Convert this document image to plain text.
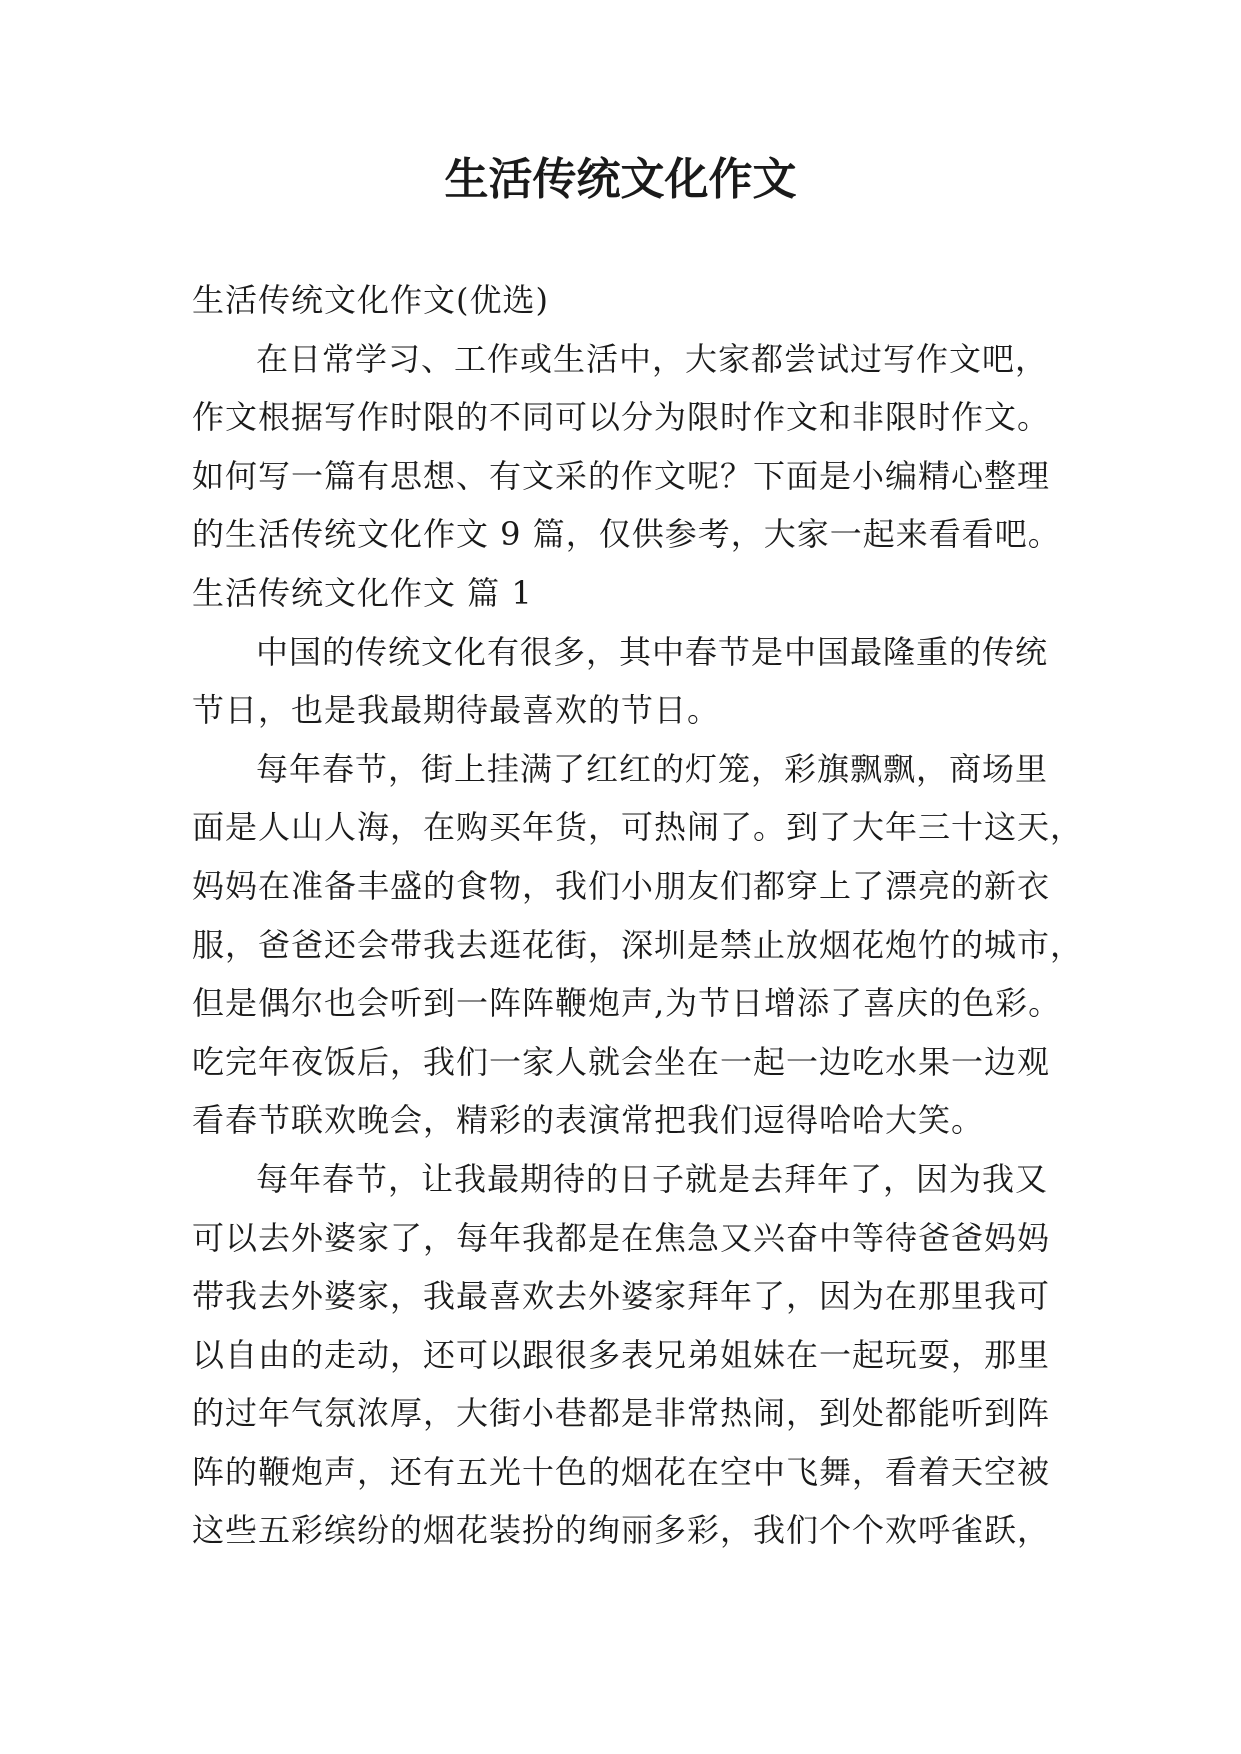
生活传统文化作文
生活传统文化作文(优选)
在日常学习、工作或生活中，大家都尝试过写作文吧，
作文根据写作时限的不同可以分为限时作文和非限时作文。
如何写一篇有思想、有文采的作文呢？下面是小编精心整理
的生活传统文化作文 9 篇，仅供参考，大家一起来看看吧。
生活传统文化作文 篇 1
中国的传统文化有很多，其中春节是中国最隆重的传统
节日，也是我最期待最喜欢的节日。
每年春节，街上挂满了红红的灯笼，彩旗飘飘，商场里
面是人山人海，在购买年货，可热闹了。到了大年三十这天，
妈妈在准备丰盛的食物，我们小朋友们都穿上了漂亮的新衣
服，爸爸还会带我去逛花街，深圳是禁止放烟花炮竹的城市，
但是偶尔也会听到一阵阵鞭炮声,为节日增添了喜庆的色彩。
吃完年夜饭后，我们一家人就会坐在一起一边吃水果一边观
看春节联欢晚会，精彩的表演常把我们逗得哈哈大笑。
每年春节，让我最期待的日子就是去拜年了，因为我又
可以去外婆家了，每年我都是在焦急又兴奋中等待爸爸妈妈
带我去外婆家，我最喜欢去外婆家拜年了，因为在那里我可
以自由的走动，还可以跟很多表兄弟姐妹在一起玩耍，那里
的过年气氛浓厚，大街小巷都是非常热闹，到处都能听到阵
阵的鞭炮声，还有五光十色的烟花在空中飞舞，看着天空被
这些五彩缤纷的烟花装扮的绚丽多彩，我们个个欢呼雀跃，
